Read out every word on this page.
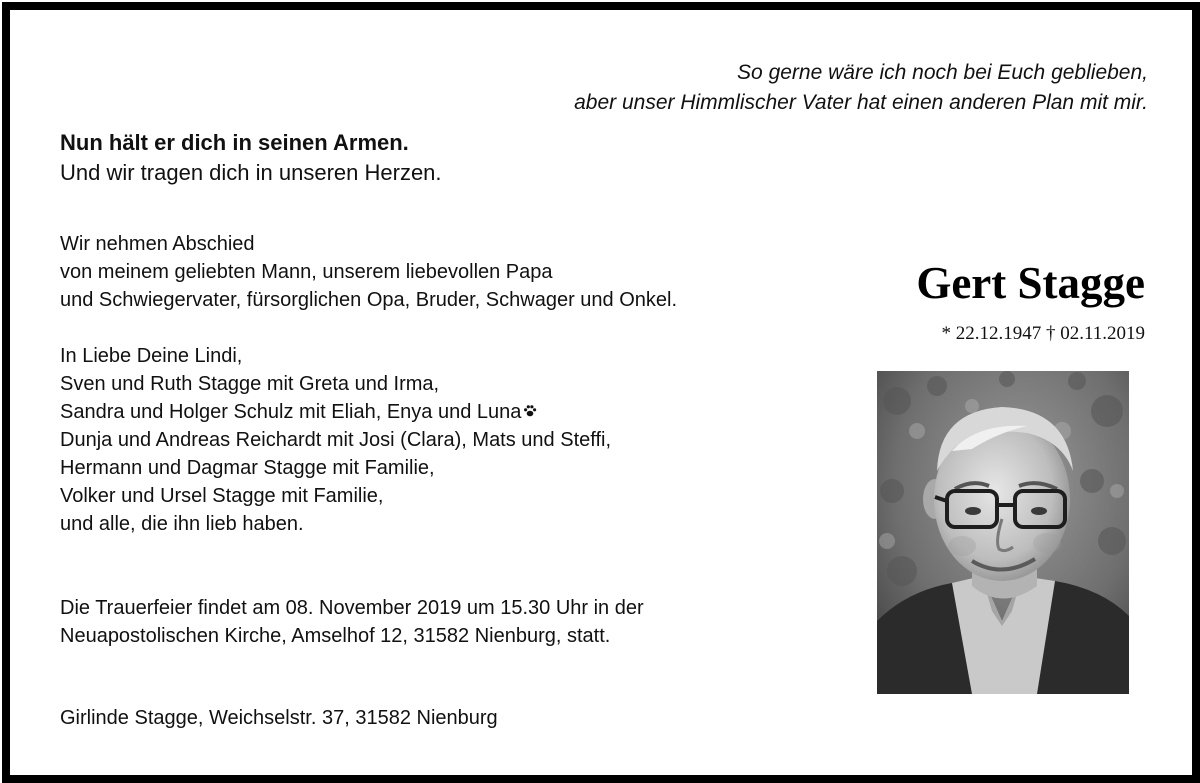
So gerne wäre ich noch bei Euch geblieben,
aber unser Himmlischer Vater hat einen anderen Plan mit mir.
Nun hält er dich in seinen Armen.
Und wir tragen dich in unseren Herzen.
Wir nehmen Abschied
von meinem geliebten Mann, unserem liebevollen Papa
und Schwiegervater, fürsorglichen Opa, Bruder, Schwager und Onkel.
In Liebe Deine Lindi,
Sven und Ruth Stagge mit Greta und Irma,
Sandra und Holger Schulz mit Eliah, Enya und Luna
Dunja und Andreas Reichardt mit Josi (Clara), Mats und Steffi,
Hermann und Dagmar Stagge mit Familie,
Volker und Ursel Stagge mit Familie,
und alle, die ihn lieb haben.
Die Trauerfeier findet am 08. November 2019 um 15.30 Uhr in der
Neuapostolischen Kirche, Amselhof 12, 31582 Nienburg, statt.
Girlinde Stagge, Weichselstr. 37, 31582 Nienburg
Gert Stagge
* 22.12.1947 † 02.11.2019
